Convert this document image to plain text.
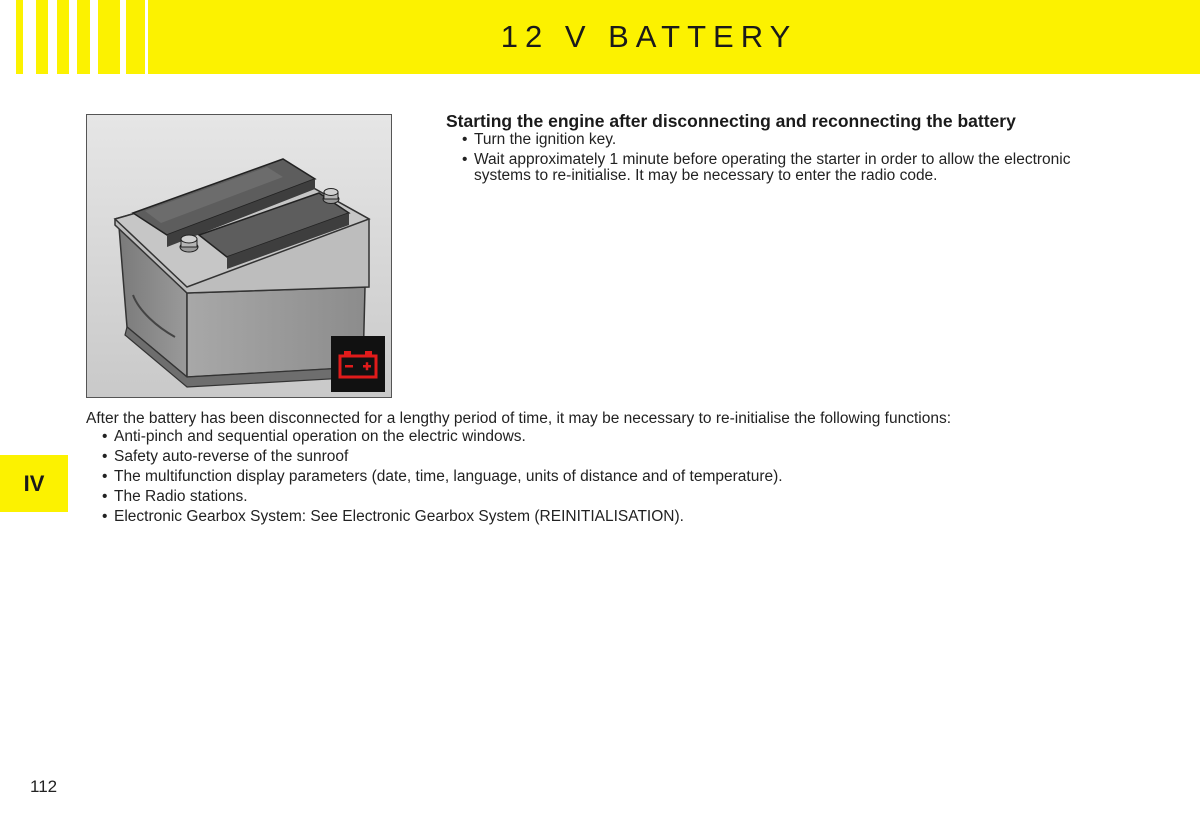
12 V BATTERY
Starting the engine after disconnecting and reconnecting the battery
• Turn the ignition key.
• Wait approximately 1 minute before operating the starter in order to allow the electronic systems to re-initialise. It may be necessary to enter the radio code.

After the battery has been disconnected for a lengthy period of time, it may be necessary to re-initialise the following functions:

• Anti-pinch and sequential operation on the electric windows.
• Safety auto-reverse of the sunroof
• The multifunction display parameters (date, time, language, units of distance and of temperature).
• The Radio stations.
• Electronic Gearbox System: See Electronic Gearbox System (REINITIALISATION).
IV
112
